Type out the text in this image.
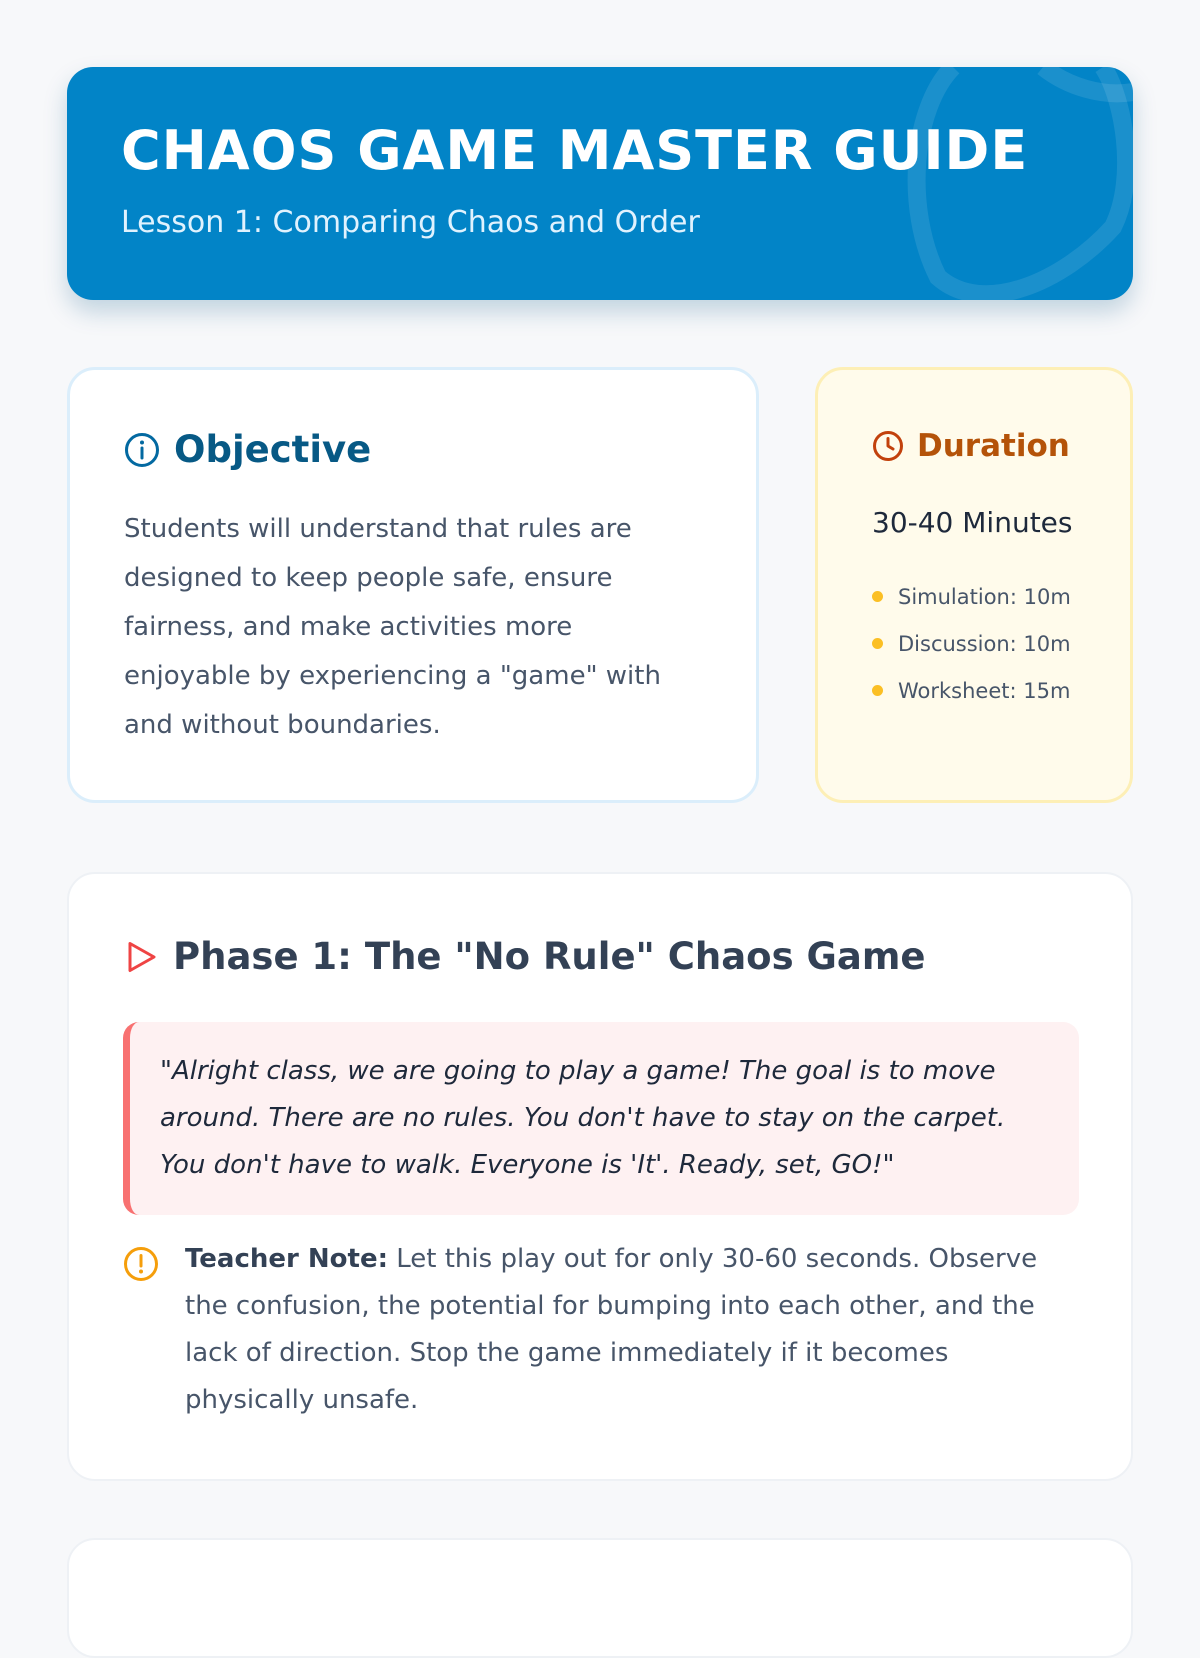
CHAOS GAME MASTER GUIDE
Lesson 1: Comparing Chaos and Order
Objective

Students will understand that rules are designed to keep people safe, ensure fairness, and make activities more enjoyable by experiencing a "game" with and without boundaries.

Duration
30-40 Minutes
Simulation: 10m
Discussion: 10m
Worksheet: 15m
Phase 1: The "No Rule" Chaos Game
"Alright class, we are going to play a game! The goal is to move around. There are no rules. You don't have to stay on the carpet. You don't have to walk. Everyone is 'It'. Ready, set, GO!"

Teacher Note: Let this play out for only 30-60 seconds. Observe the confusion, the potential for bumping into each other, and the lack of direction. Stop the game immediately if it becomes physically unsafe.
